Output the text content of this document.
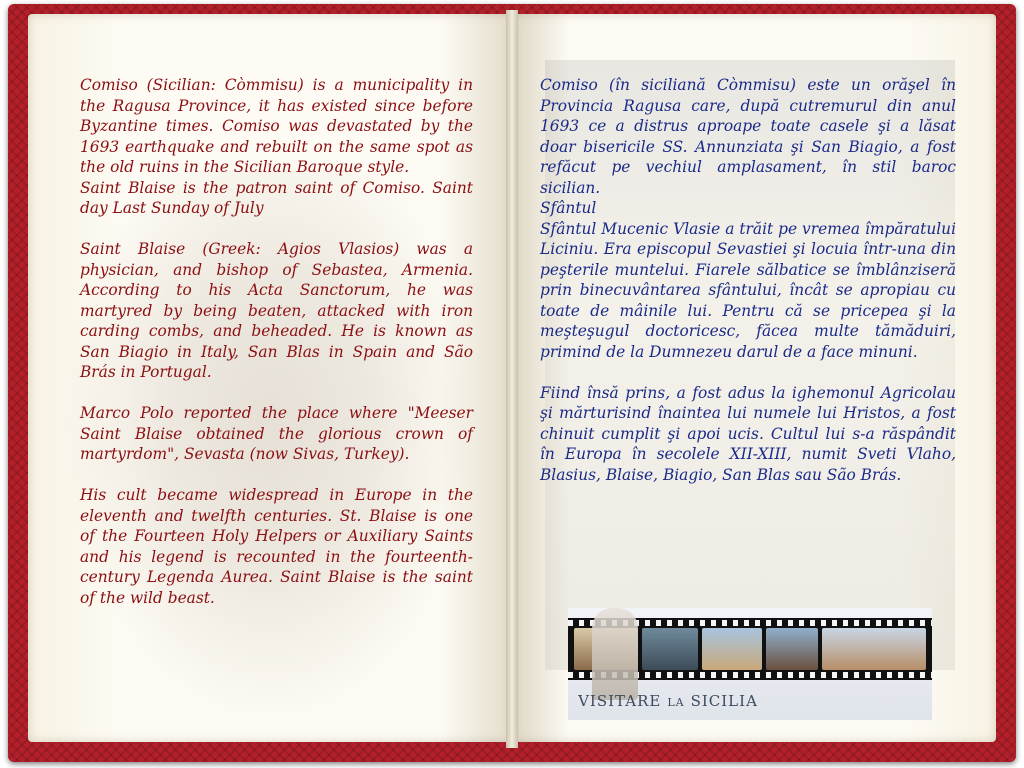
Comiso (Sicilian: Còmmisu) is a municipality in the Ragusa Province, it has existed since before Byzantine times. Comiso was devastated by the 1693 earthquake and rebuilt on the same spot as the old ruins in the Sicilian Baroque style.

Saint Blaise is the patron saint of Comiso. Saint day Last Sunday of July

Saint Blaise (Greek: Agios Vlasios) was a physician, and bishop of Sebastea, Armenia. According to his Acta Sanctorum, he was martyred by being beaten, attacked with iron carding combs, and beheaded. He is known as San Biagio in Italy, San Blas in Spain and São Brás in Portugal.

Marco Polo reported the place where "Meeser Saint Blaise obtained the glorious crown of martyrdom", Sevasta (now Sivas, Turkey).

His cult became widespread in Europe in the eleventh and twelfth centuries. St. Blaise is one of the Fourteen Holy Helpers or Auxiliary Saints and his legend is recounted in the fourteenth-century Legenda Aurea. Saint Blaise is the saint of the wild beast.

Comiso (în siciliană Còmmisu) este un orăşel în Provincia Ragusa care, după cutremurul din anul 1693 ce a distrus aproape toate casele şi a lăsat doar bisericile SS. Annunziata şi San Biagio, a fost refăcut pe vechiul amplasament, în stil baroc sicilian.

Sfântul

Sfântul Mucenic Vlasie a trăit pe vremea împăratului Liciniu. Era episcopul Sevastiei şi locuia într-una din peşterile muntelui. Fiarele sălbatice se îmblânziseră prin binecuvântarea sfântului, încât se apropiau cu toate de mâinile lui. Pentru că se pricepea şi la meşteşugul doctoricesc, făcea multe tămăduiri, primind de la Dumnezeu darul de a face minuni.

Fiind însă prins, a fost adus la ighemonul Agricolau şi mărturisind înaintea lui numele lui Hristos, a fost chinuit cumplit şi apoi ucis. Cultul lui s-a răspândit în Europa în secolele XII-XIII, numit Sveti Vlaho, Blasius, Blaise, Biagio, San Blas sau São Brás.

VISITARE LA SICILIA
